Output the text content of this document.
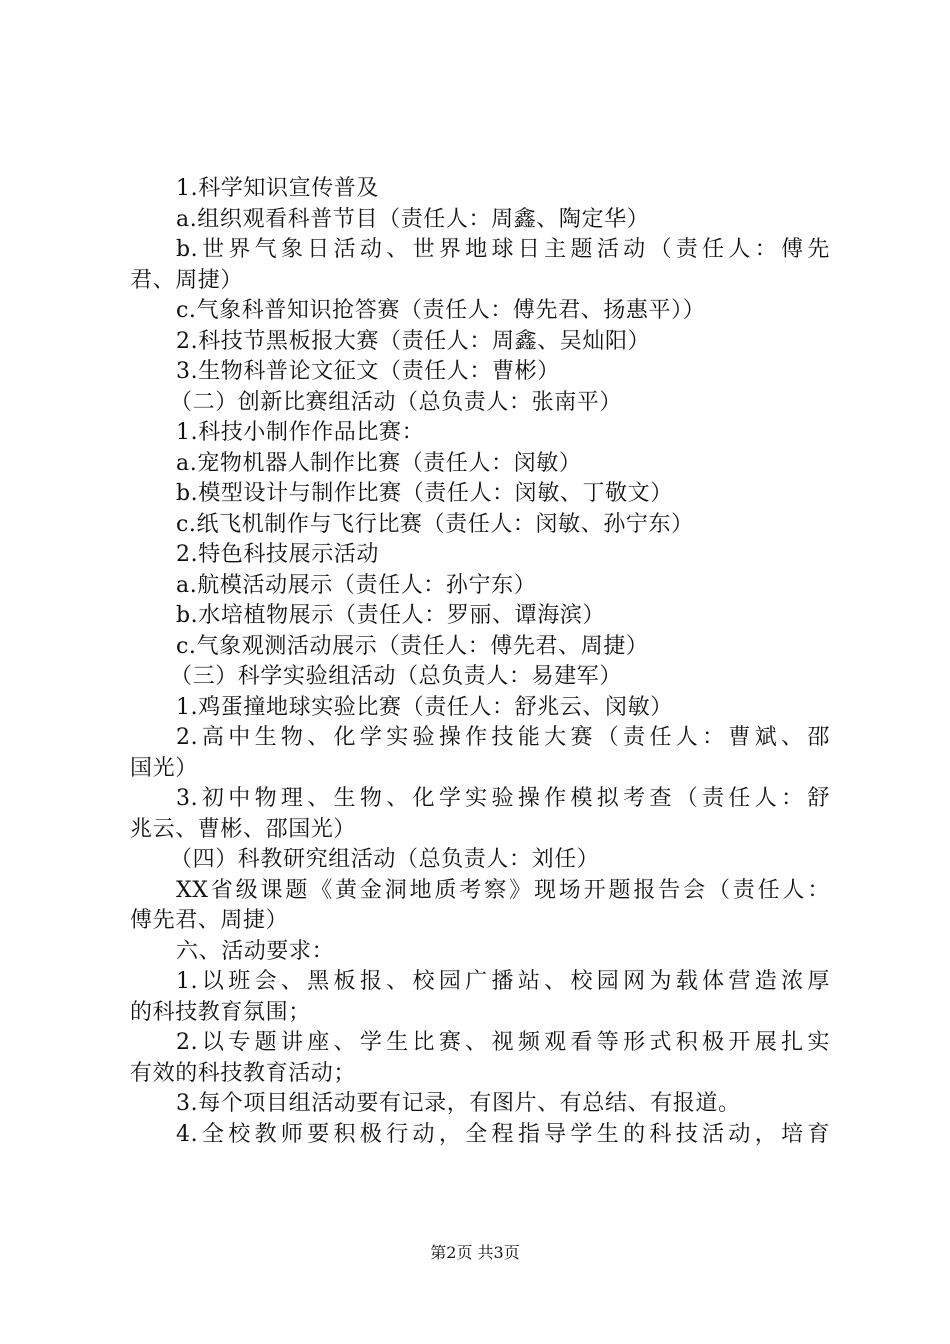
1.科学知识宣传普及
a.组织观看科普节目（责任人：周鑫、陶定华）
b.世界气象日活动、世界地球日主题活动（责任人：傅先
君、周捷）
c.气象科普知识抢答赛（责任人：傅先君、扬惠平））
2.科技节黑板报大赛（责任人：周鑫、吴灿阳）
3.生物科普论文征文（责任人：曹彬）
（二）创新比赛组活动（总负责人：张南平）
1.科技小制作作品比赛：
a.宠物机器人制作比赛（责任人：闵敏）
b.模型设计与制作比赛（责任人：闵敏、丁敬文）
c.纸飞机制作与飞行比赛（责任人：闵敏、孙宁东）
2.特色科技展示活动
a.航模活动展示（责任人：孙宁东）
b.水培植物展示（责任人：罗丽、谭海滨）
c.气象观测活动展示（责任人：傅先君、周捷）
（三）科学实验组活动（总负责人：易建军）
1.鸡蛋撞地球实验比赛（责任人：舒兆云、闵敏）
2.高中生物、化学实验操作技能大赛（责任人：曹斌、邵
国光）
3.初中物理、生物、化学实验操作模拟考查（责任人：舒
兆云、曹彬、邵国光）
（四）科教研究组活动（总负责人：刘任）
XX省级课题《黄金洞地质考察》现场开题报告会（责任人：
傅先君、周捷）
六、活动要求：
1.以班会、黑板报、校园广播站、校园网为载体营造浓厚
的科技教育氛围；
2.以专题讲座、学生比赛、视频观看等形式积极开展扎实
有效的科技教育活动；
3.每个项目组活动要有记录，有图片、有总结、有报道。
4.全校教师要积极行动，全程指导学生的科技活动，培育
第2页 共3页
